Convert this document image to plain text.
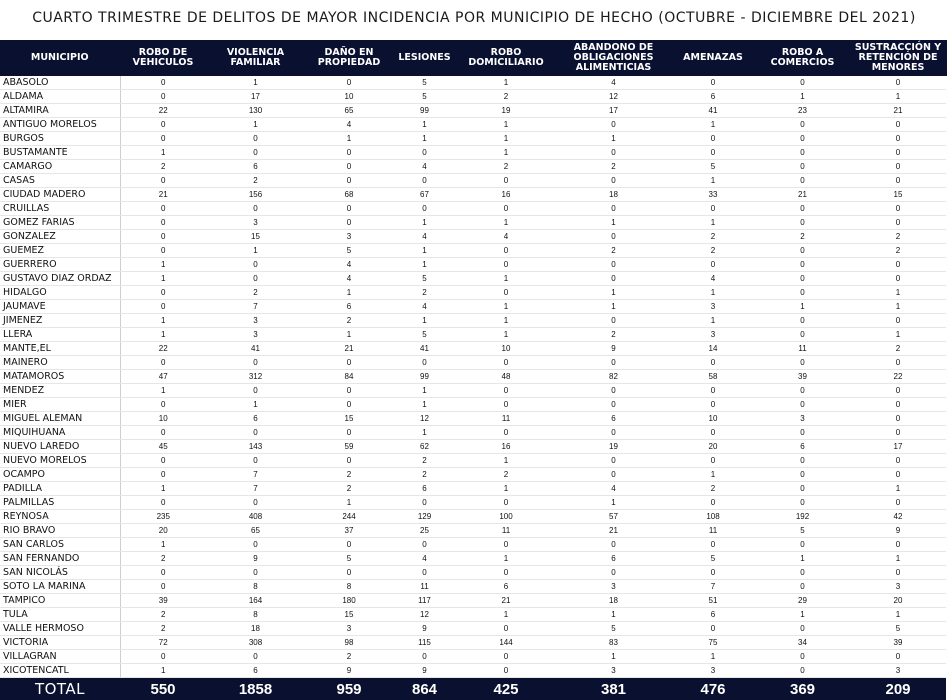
CUARTO TRIMESTRE DE DELITOS DE MAYOR INCIDENCIA POR MUNICIPIO DE HECHO (OCTUBRE - DICIEMBRE DEL 2021)
MUNICIPIO	ROBO DE VEHICULOS	VIOLENCIA FAMILIAR	DAÑO EN PROPIEDAD	LESIONES	ROBO DOMICILIARIO	ABANDONO DE OBLIGACIONES ALIMENTICIAS	AMENAZAS	ROBO A COMERCIOS	SUSTRACCIÓN Y RETENCIÓN DE MENORES
ABASOLO	0	1	0	5	1	4	0	0	0
ALDAMA	0	17	10	5	2	12	6	1	1
ALTAMIRA	22	130	65	99	19	17	41	23	21
ANTIGUO MORELOS	0	1	4	1	1	0	1	0	0
BURGOS	0	0	1	1	1	1	0	0	0
BUSTAMANTE	1	0	0	0	1	0	0	0	0
CAMARGO	2	6	0	4	2	2	5	0	0
CASAS	0	2	0	0	0	0	1	0	0
CIUDAD MADERO	21	156	68	67	16	18	33	21	15
CRUILLAS	0	0	0	0	0	0	0	0	0
GOMEZ FARIAS	0	3	0	1	1	1	1	0	0
GONZALEZ	0	15	3	4	4	0	2	2	2
GUEMEZ	0	1	5	1	0	2	2	0	2
GUERRERO	1	0	4	1	0	0	0	0	0
GUSTAVO DIAZ ORDAZ	1	0	4	5	1	0	4	0	0
HIDALGO	0	2	1	2	0	1	1	0	1
JAUMAVE	0	7	6	4	1	1	3	1	1
JIMENEZ	1	3	2	1	1	0	1	0	0
LLERA	1	3	1	5	1	2	3	0	1
MANTE,EL	22	41	21	41	10	9	14	11	2
MAINERO	0	0	0	0	0	0	0	0	0
MATAMOROS	47	312	84	99	48	82	58	39	22
MENDEZ	1	0	0	1	0	0	0	0	0
MIER	0	1	0	1	0	0	0	0	0
MIGUEL ALEMAN	10	6	15	12	11	6	10	3	0
MIQUIHUANA	0	0	0	1	0	0	0	0	0
NUEVO LAREDO	45	143	59	62	16	19	20	6	17
NUEVO MORELOS	0	0	0	2	1	0	0	0	0
OCAMPO	0	7	2	2	2	0	1	0	0
PADILLA	1	7	2	6	1	4	2	0	1
PALMILLAS	0	0	1	0	0	1	0	0	0
REYNOSA	235	408	244	129	100	57	108	192	42
RIO BRAVO	20	65	37	25	11	21	11	5	9
SAN CARLOS	1	0	0	0	0	0	0	0	0
SAN FERNANDO	2	9	5	4	1	6	5	1	1
SAN NICOLÁS	0	0	0	0	0	0	0	0	0
SOTO LA MARINA	0	8	8	11	6	3	7	0	3
TAMPICO	39	164	180	117	21	18	51	29	20
TULA	2	8	15	12	1	1	6	1	1
VALLE HERMOSO	2	18	3	9	0	5	0	0	5
VICTORIA	72	308	98	115	144	83	75	34	39
VILLAGRAN	0	0	2	0	0	1	1	0	0
XICOTENCATL	1	6	9	9	0	3	3	0	3
TOTAL	550	1858	959	864	425	381	476	369	209
